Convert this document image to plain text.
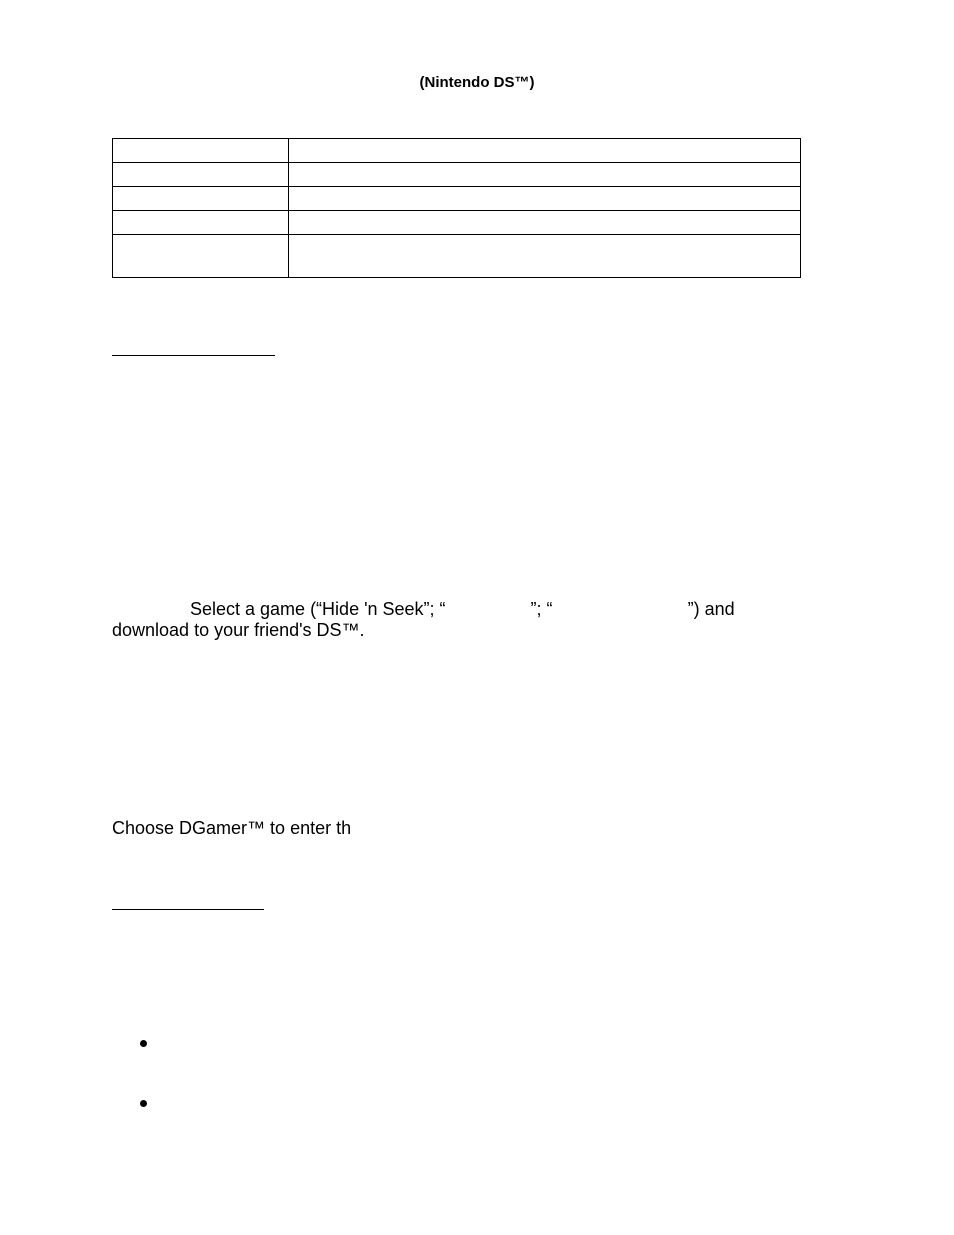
(Nintendo DS™)

Select a game (“Hide 'n Seek”; “                 ”; “                           ”) and
download to your friend's DS™.
Choose DGamer™ to enter th
